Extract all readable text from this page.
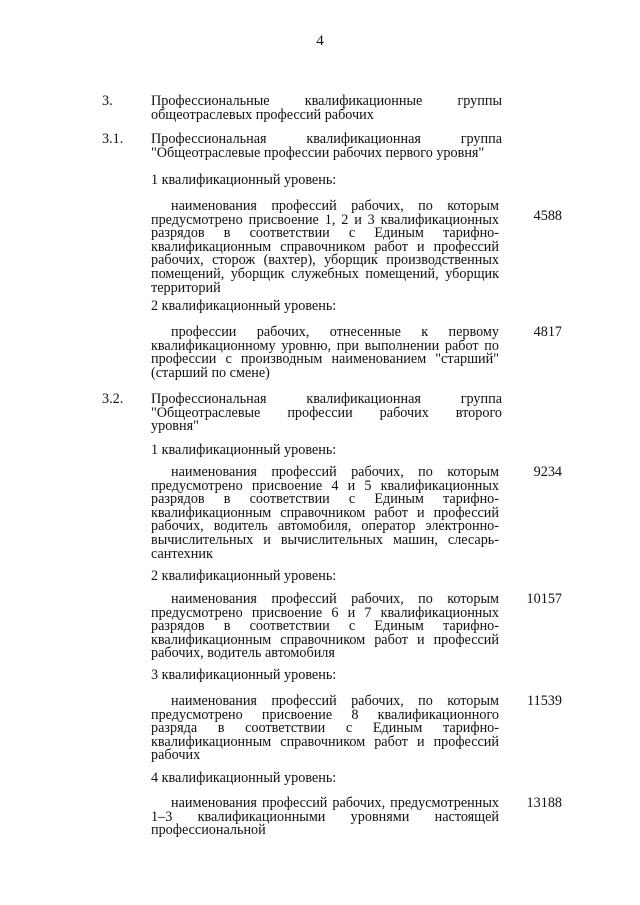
4
3.	Профессиональные квалификационные группы
общеотраслевых профессий рабочих
3.1. Профессиональная квалификационная группа
"Общеотраслевые профессии рабочих первого уровня"
1 квалификационный уровень:
наименования профессий рабочих, по которым предусмотрено присвоение 1, 2 и 3 квалификационных разрядов в соответствии с Единым тарифно-квалификационным справочником работ и профессий рабочих, сторож (вахтер), уборщик производственных помещений, уборщик служебных помещений, уборщик территорий
4588
2 квалификационный уровень:
профессии рабочих, отнесенные к первому квалификационному уровню, при выполнении работ по профессии с производным наименованием "старший" (старший по смене)
4817
3.2. Профессиональная квалификационная группа
"Общеотраслевые профессии рабочих второго
уровня"
1 квалификационный уровень:
наименования профессий рабочих, по которым предусмотрено присвоение 4 и 5 квалификационных разрядов в соответствии с Единым тарифно-квалификационным справочником работ и профессий рабочих, водитель автомобиля, оператор электронно-вычислительных и вычислительных машин, слесарь-сантехник
9234
2 квалификационный уровень:
наименования профессий рабочих, по которым предусмотрено присвоение 6 и 7 квалификационных разрядов в соответствии с Единым тарифно-квалификационным справочником работ и профессий рабочих, водитель автомобиля
10157
3 квалификационный уровень:
наименования профессий рабочих, по которым предусмотрено присвоение 8 квалификационного разряда в соответствии с Единым тарифно-квалификационным справочником работ и профессий рабочих
11539
4 квалификационный уровень:
наименования профессий рабочих, предусмотренных 1–3 квалификационными уровнями настоящей профессиональной
13188
